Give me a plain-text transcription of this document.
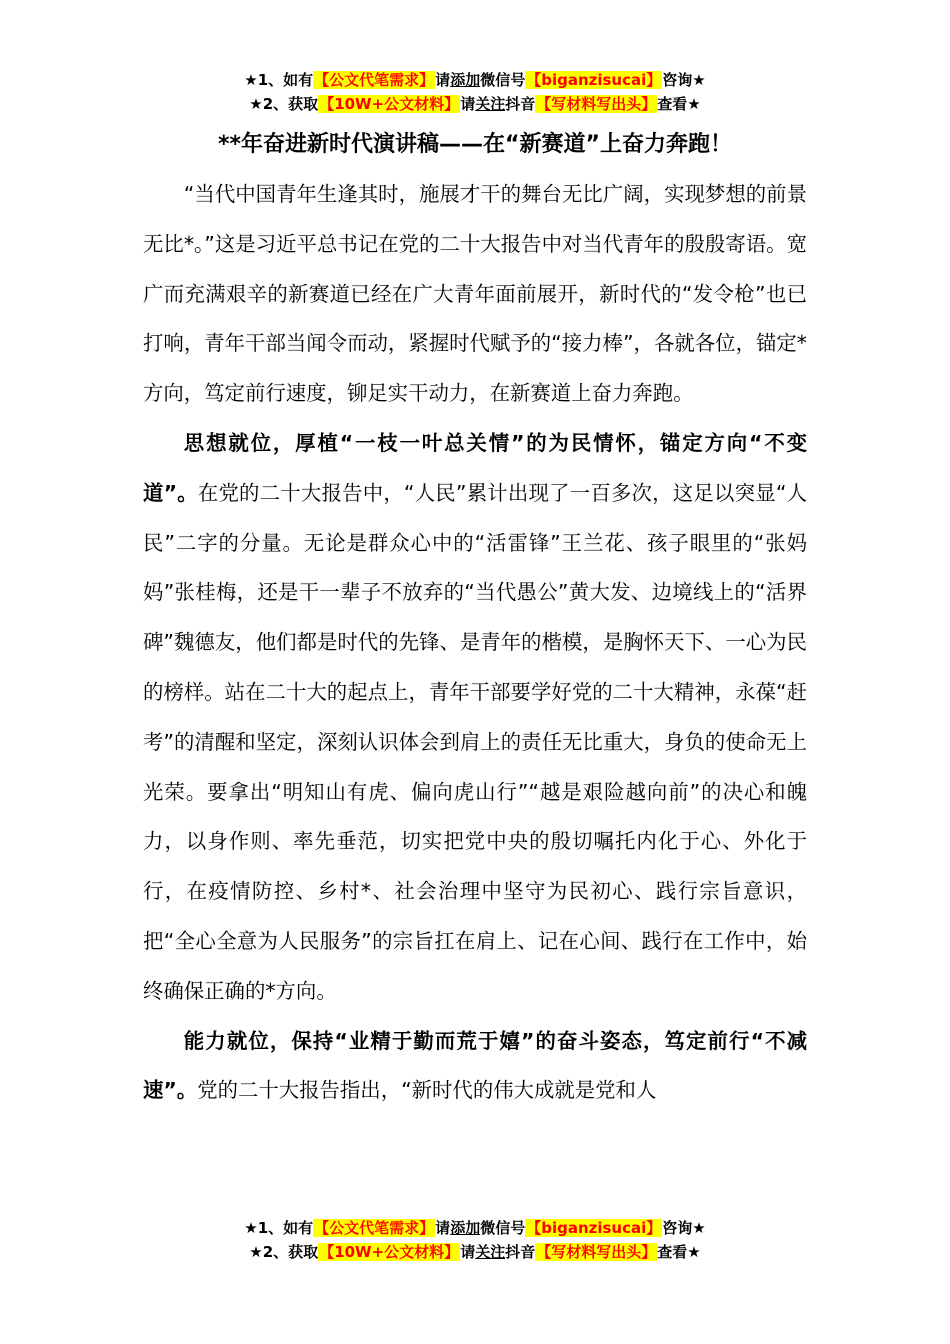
★1、如有【公文代笔需求】请添加微信号【biganzisucai】咨询★
★2、获取【10W+公文材料】请关注抖音【写材料写出头】查看★
**年奋进新时代演讲稿——在“新赛道”上奋力奔跑！

“当代中国青年生逢其时，施展才干的舞台无比广阔，实现梦想的前景无比*。”这是习近平总书记在党的二十大报告中对当代青年的殷殷寄语。宽广而充满艰辛的新赛道已经在广大青年面前展开，新时代的“发令枪”也已打响，青年干部当闻令而动，紧握时代赋予的“接力棒”，各就各位，锚定*方向，笃定前行速度，铆足实干动力，在新赛道上奋力奔跑。

思想就位，厚植“一枝一叶总关情”的为民情怀，锚定方向“不变道”。在党的二十大报告中，“人民”累计出现了一百多次，这足以突显“人民”二字的分量。无论是群众心中的“活雷锋”王兰花、孩子眼里的“张妈妈”张桂梅，还是干一辈子不放弃的“当代愚公”黄大发、边境线上的“活界碑”魏德友，他们都是时代的先锋、是青年的楷模，是胸怀天下、一心为民的榜样。站在二十大的起点上，青年干部要学好党的二十大精神，永葆“赶考”的清醒和坚定，深刻认识体会到肩上的责任无比重大，身负的使命无上光荣。要拿出“明知山有虎、偏向虎山行”“越是艰险越向前”的决心和魄力，以身作则、率先垂范，切实把党中央的殷切嘱托内化于心、外化于行，在疫情防控、乡村*、社会治理中坚守为民初心、践行宗旨意识，把“全心全意为人民服务”的宗旨扛在肩上、记在心间、践行在工作中，始终确保正确的*方向。

能力就位，保持“业精于勤而荒于嬉”的奋斗姿态，笃定前行“不减速”。党的二十大报告指出，“新时代的伟大成就是党和人

★1、如有【公文代笔需求】请添加微信号【biganzisucai】咨询★
★2、获取【10W+公文材料】请关注抖音【写材料写出头】查看★
